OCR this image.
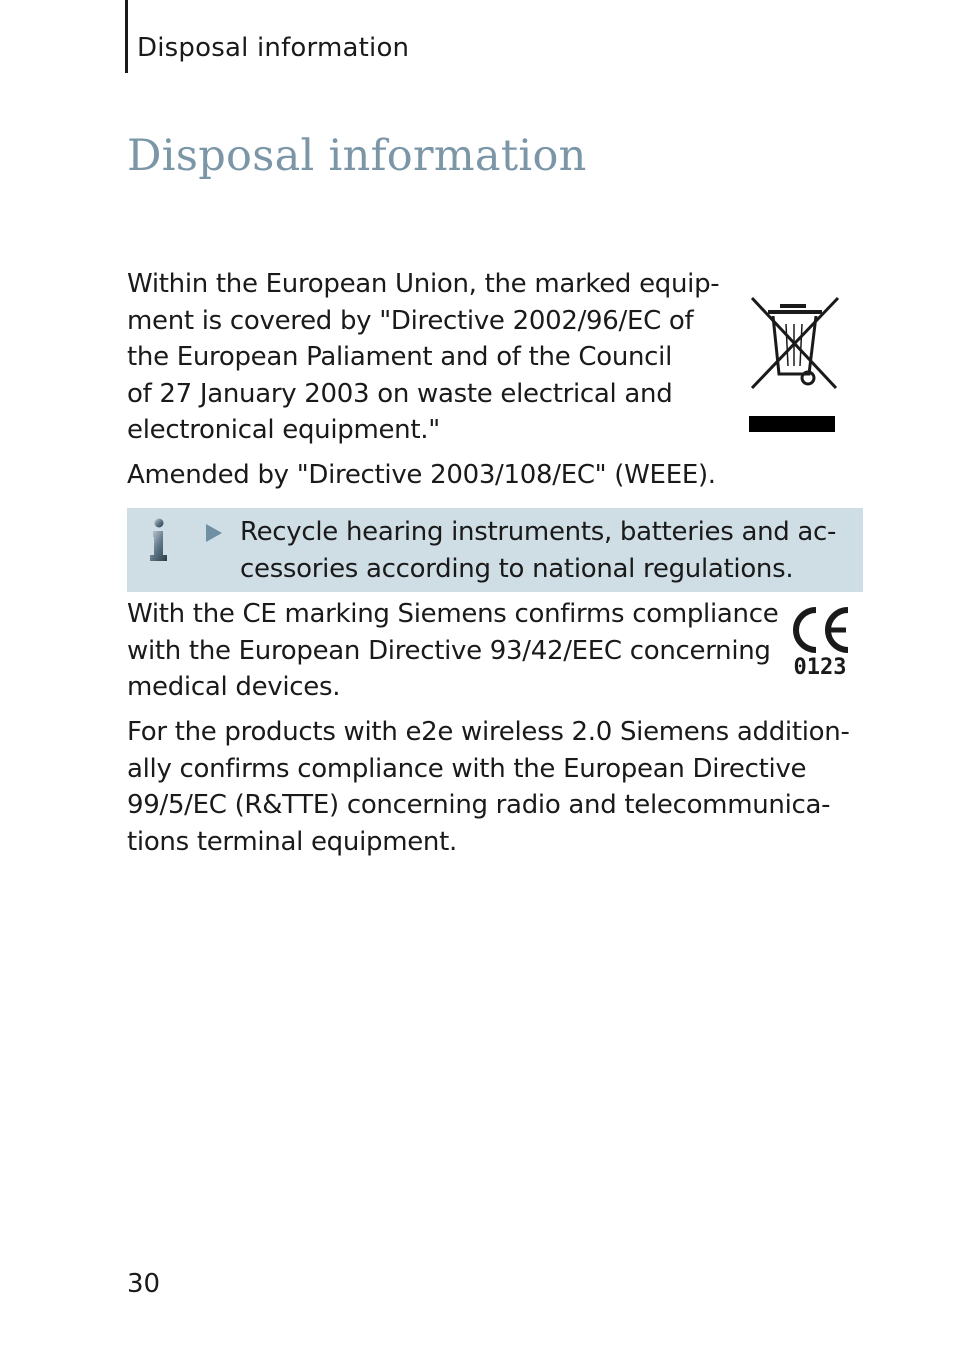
Disposal information
Disposal information

Within the European Union, the marked equip-
ment is covered by "Directive 2002/96/EC of
the European Paliament and of the Council
of 27 January 2003 on waste electrical and
electronical equipment."

Amended by "Directive 2003/108/EC" (WEEE).

Recycle hearing instruments, batteries and ac-
cessories according to national regulations.

With the CE marking Siemens confirms compliance
with the European Directive 93/42/EEC concerning
medical devices.

0123

For the products with e2e wireless 2.0 Siemens addition-
ally confirms compliance with the European Directive
99/5/EC (R&TTE) concerning radio and telecommunica-
tions terminal equipment.

30
